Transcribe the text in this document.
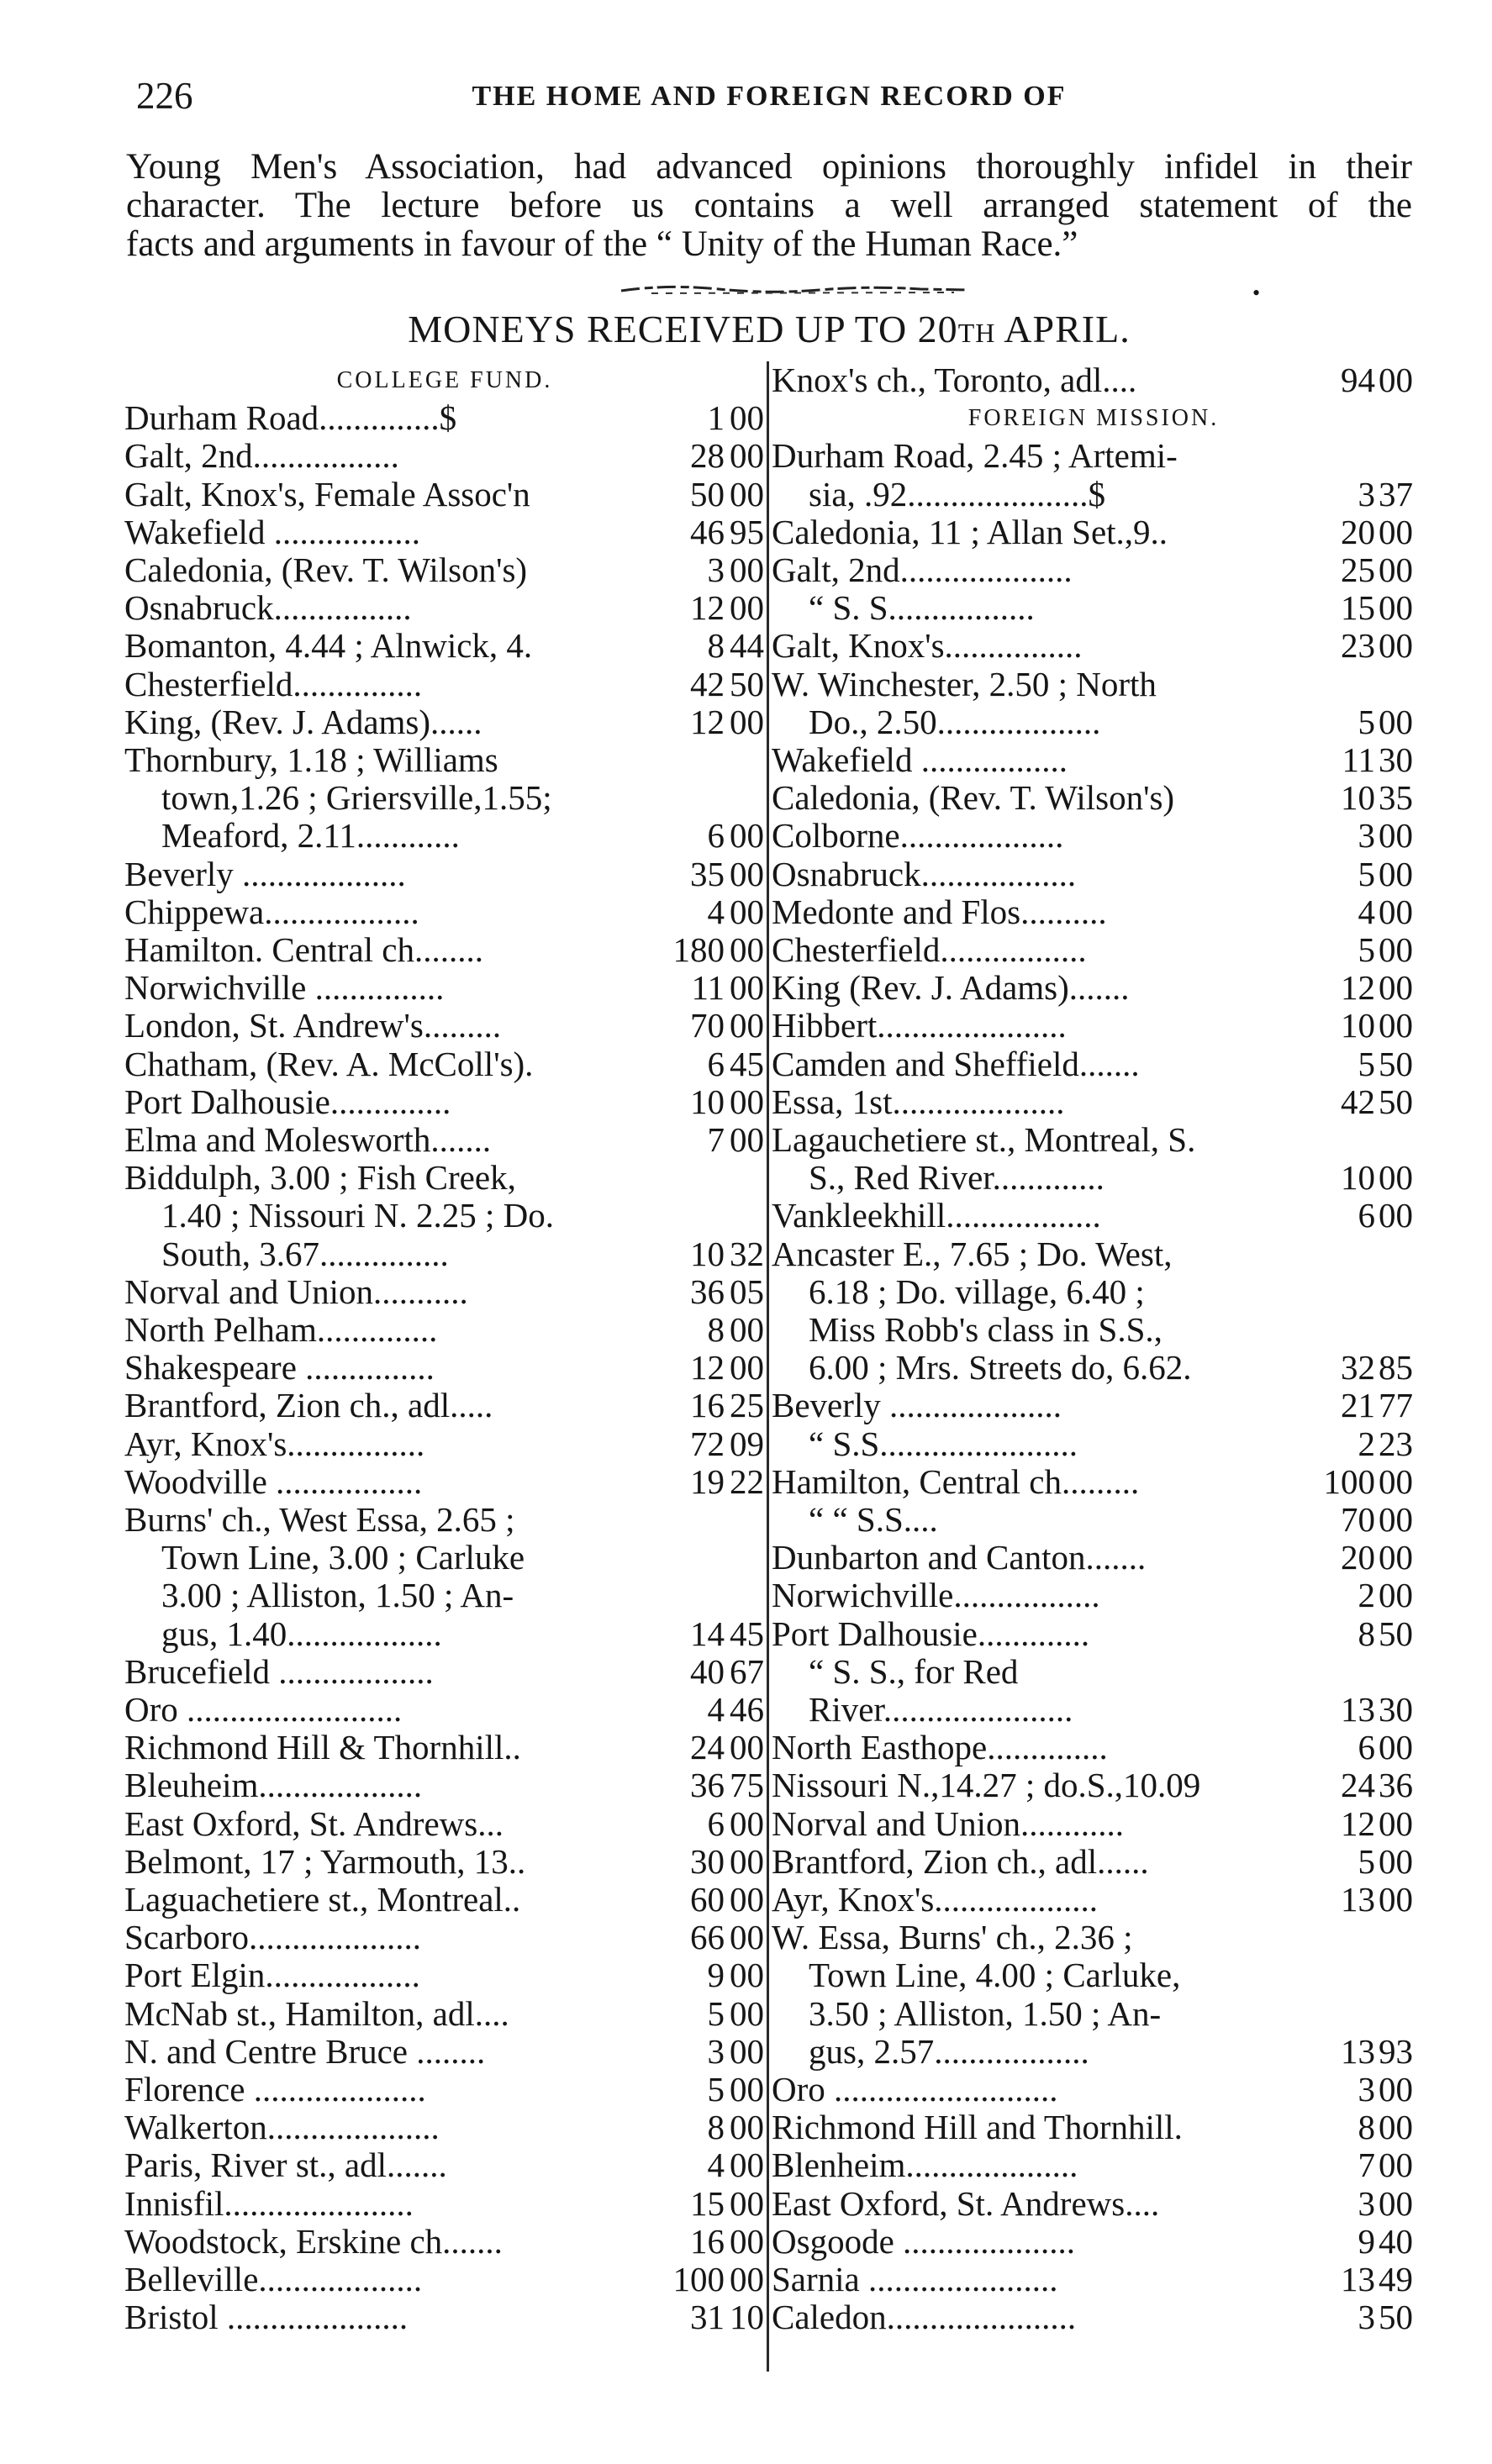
226	THE HOME AND FOREIGN RECORD OF
Young Men's Association, had advanced opinions thoroughly infidel in their
character. The lecture before us contains a well arranged statement of the
facts and arguments in favour of the “ Unity of the Human Race.”
•
MONEYS RECEIVED UP TO 20TH APRIL.
COLLEGE FUND.
Durham Road..............$	1 00
Galt, 2nd.................	28 00
Galt, Knox's, Female Assoc'n	50 00
Wakefield .................	46 95
Caledonia, (Rev. T. Wilson's)	3 00
Osnabruck................	12 00
Bomanton, 4.44 ; Alnwick, 4.	8 44
Chesterfield...............	42 50
King, (Rev. J. Adams)......	12 00
Thornbury, 1.18 ; Williams
town,1.26 ; Griersville,1.55;
Meaford, 2.11............	6 00
Beverly ...................	35 00
Chippewa..................	4 00
Hamilton. Central ch........	180 00
Norwichville ...............	11 00
London, St. Andrew's.........	70 00
Chatham, (Rev. A. McColl's).	6 45
Port Dalhousie..............	10 00
Elma and Molesworth.......	7 00
Biddulph, 3.00 ; Fish Creek,
1.40 ; Nissouri N. 2.25 ; Do.
South, 3.67...............	10 32
Norval and Union...........	36 05
North Pelham..............	8 00
Shakespeare ...............	12 00
Brantford, Zion ch., adl.....	16 25
Ayr, Knox's................	72 09
Woodville .................	19 22
Burns' ch., West Essa, 2.65 ;
Town Line, 3.00 ; Carluke
3.00 ; Alliston, 1.50 ; An-
gus, 1.40..................	14 45
Brucefield ..................	40 67
Oro .........................	4 46
Richmond Hill & Thornhill..	24 00
Bleuheim...................	36 75
East Oxford, St. Andrews...	6 00
Belmont, 17 ; Yarmouth, 13..	30 00
Laguachetiere st., Montreal..	60 00
Scarboro....................	66 00
Port Elgin..................	9 00
McNab st., Hamilton, adl....	5 00
N. and Centre Bruce ........	3 00
Florence ....................	5 00
Walkerton....................	8 00
Paris, River st., adl.......	4 00
Innisfil......................	15 00
Woodstock, Erskine ch.......	16 00
Belleville...................	100 00
Bristol .....................	31 10
Knox's ch., Toronto, adl....	94 00
FOREIGN MISSION.
Durham Road, 2.45 ; Artemi-
sia, .92.....................$	3 37
Caledonia, 11 ; Allan Set.,9..	20 00
Galt, 2nd....................	25 00
“ S. S.................	15 00
Galt, Knox's................	23 00
W. Winchester, 2.50 ; North
Do., 2.50...................	5 00
Wakefield .................	11 30
Caledonia, (Rev. T. Wilson's)	10 35
Colborne...................	3 00
Osnabruck..................	5 00
Medonte and Flos..........	4 00
Chesterfield.................	5 00
King (Rev. J. Adams).......	12 00
Hibbert......................	10 00
Camden and Sheffield.......	5 50
Essa, 1st....................	42 50
Lagauchetiere st., Montreal, S.
S., Red River.............	10 00
Vankleekhill..................	6 00
Ancaster E., 7.65 ; Do. West,
6.18 ; Do. village, 6.40 ;
Miss Robb's class in S.S.,
6.00 ; Mrs. Streets do, 6.62.	32 85
Beverly ....................	21 77
“ S.S.......................	2 23
Hamilton, Central ch.........	100 00
“ “ S.S....	70 00
Dunbarton and Canton.......	20 00
Norwichville.................	2 00
Port Dalhousie.............	8 50
“ S. S., for Red
River......................	13 30
North Easthope..............	6 00
Nissouri N.,14.27 ; do.S.,10.09	24 36
Norval and Union............	12 00
Brantford, Zion ch., adl......	5 00
Ayr, Knox's...................	13 00
W. Essa, Burns' ch., 2.36 ;
Town Line, 4.00 ; Carluke,
3.50 ; Alliston, 1.50 ; An-
gus, 2.57..................	13 93
Oro ..........................	3 00
Richmond Hill and Thornhill.	8 00
Blenheim....................	7 00
East Oxford, St. Andrews....	3 00
Osgoode ....................	9 40
Sarnia ......................	13 49
Caledon......................	3 50
